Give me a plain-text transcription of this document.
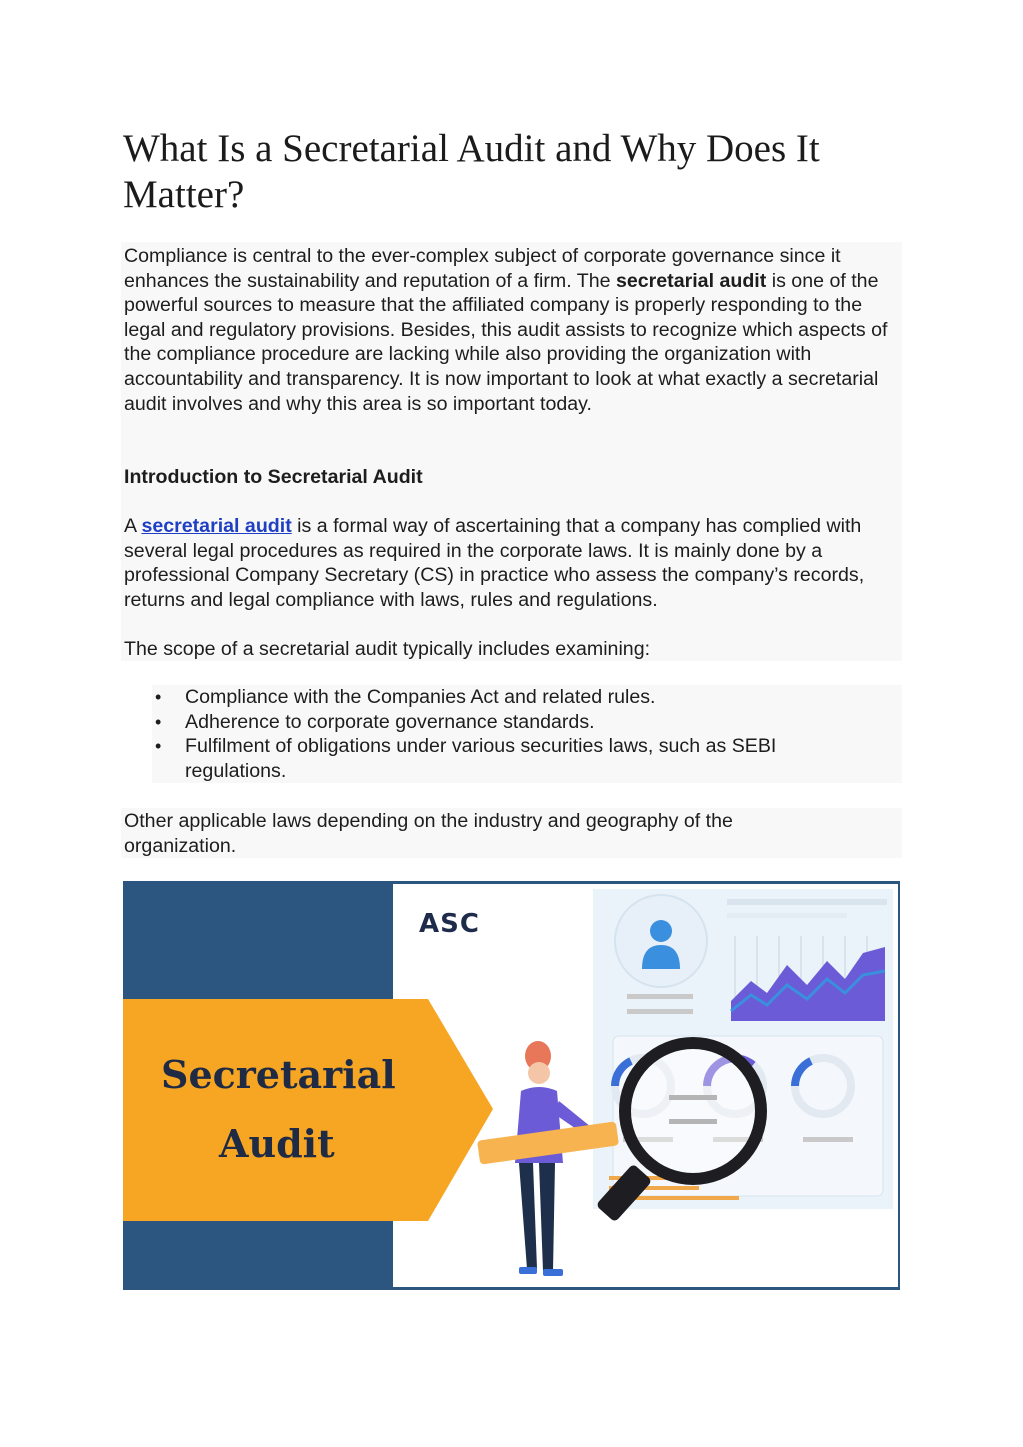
What Is a Secretarial Audit and Why Does It Matter?

Compliance is central to the ever-complex subject of corporate governance since it enhances the sustainability and reputation of a firm. The secretarial audit is one of the powerful sources to measure that the affiliated company is properly responding to the legal and regulatory provisions. Besides, this audit assists to recognize which aspects of the compliance procedure are lacking while also providing the organization with accountability and transparency. It is now important to look at what exactly a secretarial audit involves and why this area is so important today.

Introduction to Secretarial Audit

A secretarial audit is a formal way of ascertaining that a company has complied with several legal procedures as required in the corporate laws. It is mainly done by a professional Company Secretary (CS) in practice who assess the company’s records, returns and legal compliance with laws, rules and regulations.

The scope of a secretarial audit typically includes examining:

• Compliance with the Companies Act and related rules.
• Adherence to corporate governance standards.
• Fulfilment of obligations under various securities laws, such as SEBI regulations.

Other applicable laws depending on the industry and geography of the organization.

ASC
Secretarial
Audit
